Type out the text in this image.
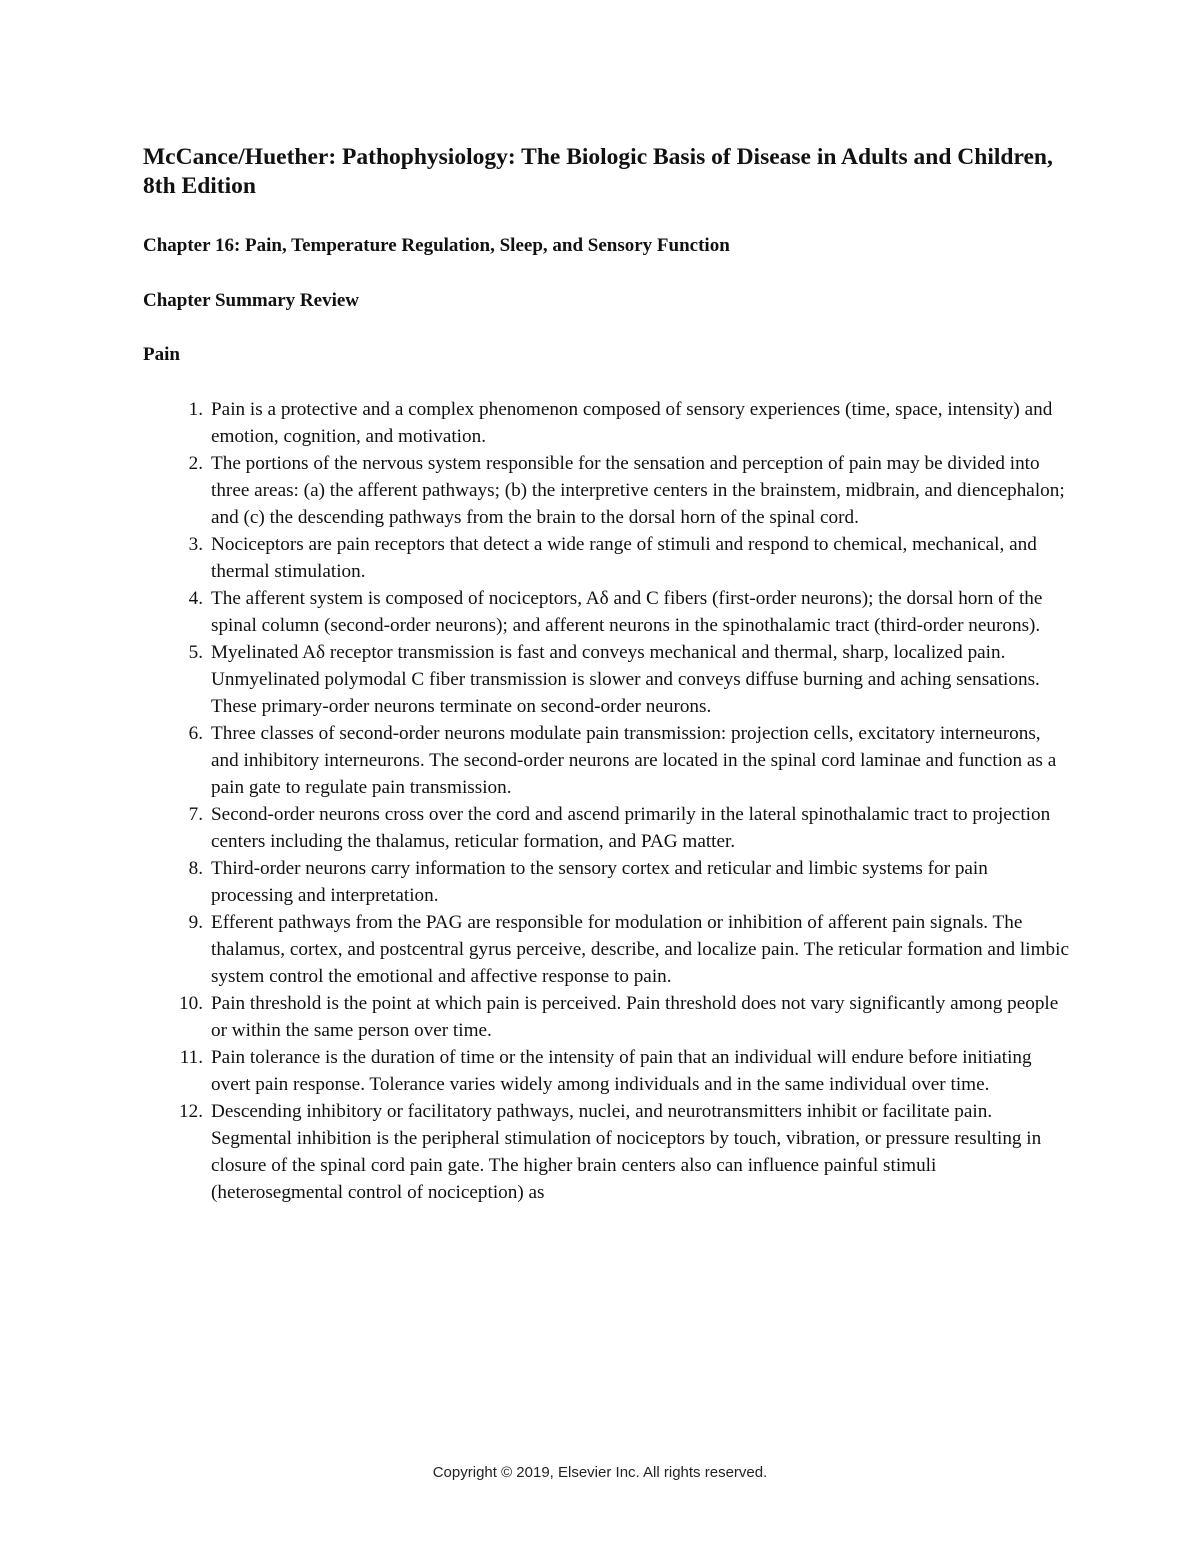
McCance/Huether: Pathophysiology: The Biologic Basis of Disease in Adults and Children, 8th Edition
Chapter 16: Pain, Temperature Regulation, Sleep, and Sensory Function
Chapter Summary Review
Pain
1. Pain is a protective and a complex phenomenon composed of sensory experiences (time, space, intensity) and emotion, cognition, and motivation.
2. The portions of the nervous system responsible for the sensation and perception of pain may be divided into three areas: (a) the afferent pathways; (b) the interpretive centers in the brainstem, midbrain, and diencephalon; and (c) the descending pathways from the brain to the dorsal horn of the spinal cord.
3. Nociceptors are pain receptors that detect a wide range of stimuli and respond to chemical, mechanical, and thermal stimulation.
4. The afferent system is composed of nociceptors, Aδ and C fibers (first-order neurons); the dorsal horn of the spinal column (second-order neurons); and afferent neurons in the spinothalamic tract (third-order neurons).
5. Myelinated Aδ receptor transmission is fast and conveys mechanical and thermal, sharp, localized pain. Unmyelinated polymodal C fiber transmission is slower and conveys diffuse burning and aching sensations. These primary-order neurons terminate on second-order neurons.
6. Three classes of second-order neurons modulate pain transmission: projection cells, excitatory interneurons, and inhibitory interneurons. The second-order neurons are located in the spinal cord laminae and function as a pain gate to regulate pain transmission.
7. Second-order neurons cross over the cord and ascend primarily in the lateral spinothalamic tract to projection centers including the thalamus, reticular formation, and PAG matter.
8. Third-order neurons carry information to the sensory cortex and reticular and limbic systems for pain processing and interpretation.
9. Efferent pathways from the PAG are responsible for modulation or inhibition of afferent pain signals. The thalamus, cortex, and postcentral gyrus perceive, describe, and localize pain. The reticular formation and limbic system control the emotional and affective response to pain.
10. Pain threshold is the point at which pain is perceived. Pain threshold does not vary significantly among people or within the same person over time.
11. Pain tolerance is the duration of time or the intensity of pain that an individual will endure before initiating overt pain response. Tolerance varies widely among individuals and in the same individual over time.
12. Descending inhibitory or facilitatory pathways, nuclei, and neurotransmitters inhibit or facilitate pain. Segmental inhibition is the peripheral stimulation of nociceptors by touch, vibration, or pressure resulting in closure of the spinal cord pain gate. The higher brain centers also can influence painful stimuli (heterosegmental control of nociception) as
Copyright © 2019, Elsevier Inc. All rights reserved.
